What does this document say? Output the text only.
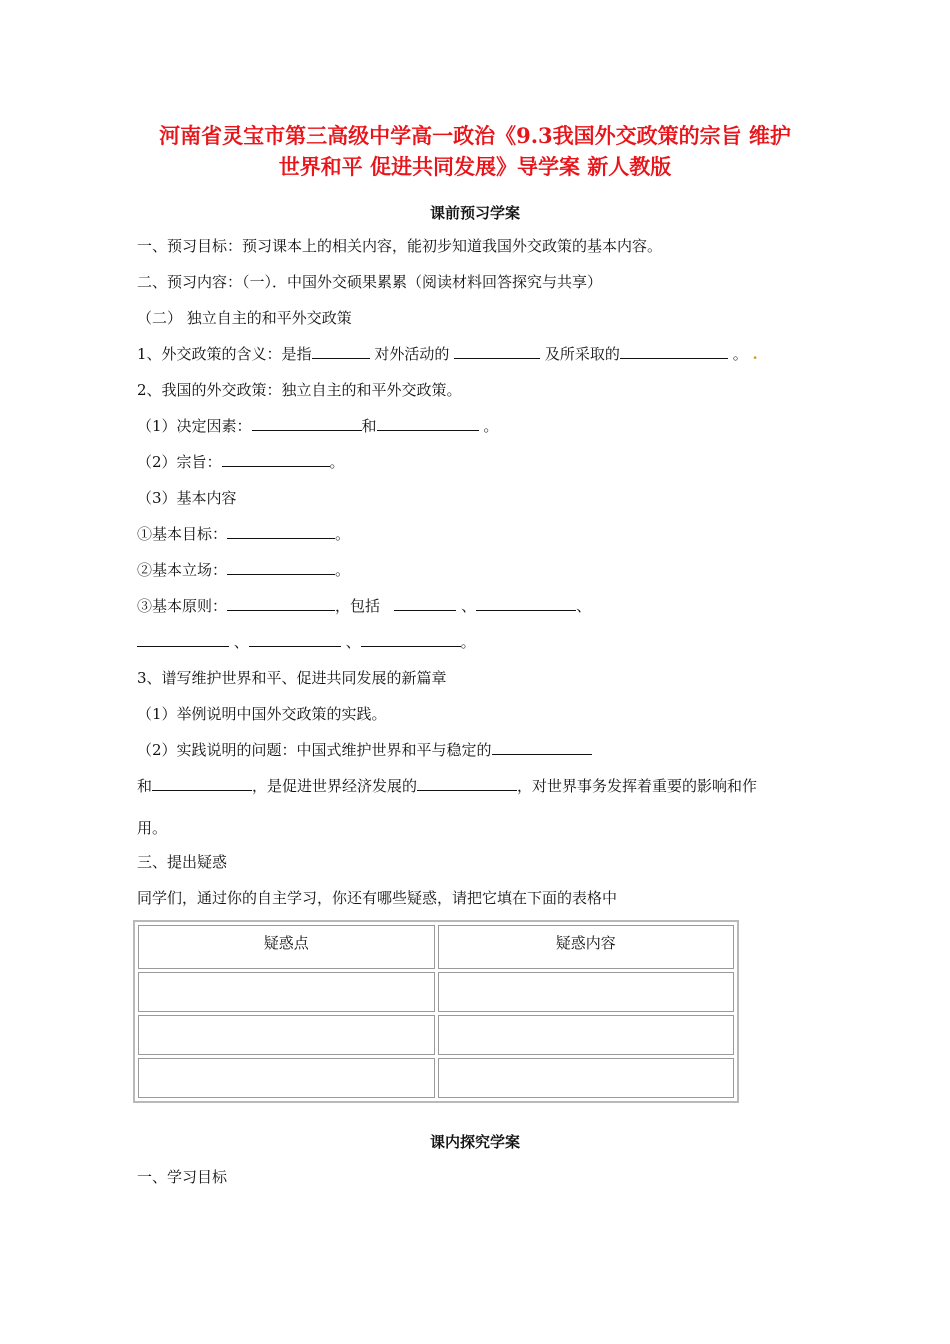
河南省灵宝市第三高级中学高一政治《9.3我国外交政策的宗旨 维护
世界和平 促进共同发展》导学案 新人教版
课前预习学案
一、预习目标：预习课本上的相关内容，能初步知道我国外交政策的基本内容。
二、预习内容：（一）．中国外交硕果累累（阅读材料回答探究与共享）
（二） 独立自主的和平外交政策
1、外交政策的含义：是指	对外活动的	及所采取的	。 .
2、我国的外交政策：独立自主的和平外交政策。
（1）决定因素：	和	。
（2）宗旨：	。
（3）基本内容
①基本目标：	。
②基本立场：	。
③基本原则：	，包括	、	、
、	、	。
3、谱写维护世界和平、促进共同发展的新篇章
（1）举例说明中国外交政策的实践。
（2）实践说明的问题：中国式维护世界和平与稳定的
和	，是促进世界经济发展的	，对世界事务发挥着重要的影响和作
用。
三、提出疑惑
同学们，通过你的自主学习，你还有哪些疑惑，请把它填在下面的表格中
疑惑点	疑惑内容

课内探究学案
一、学习目标
